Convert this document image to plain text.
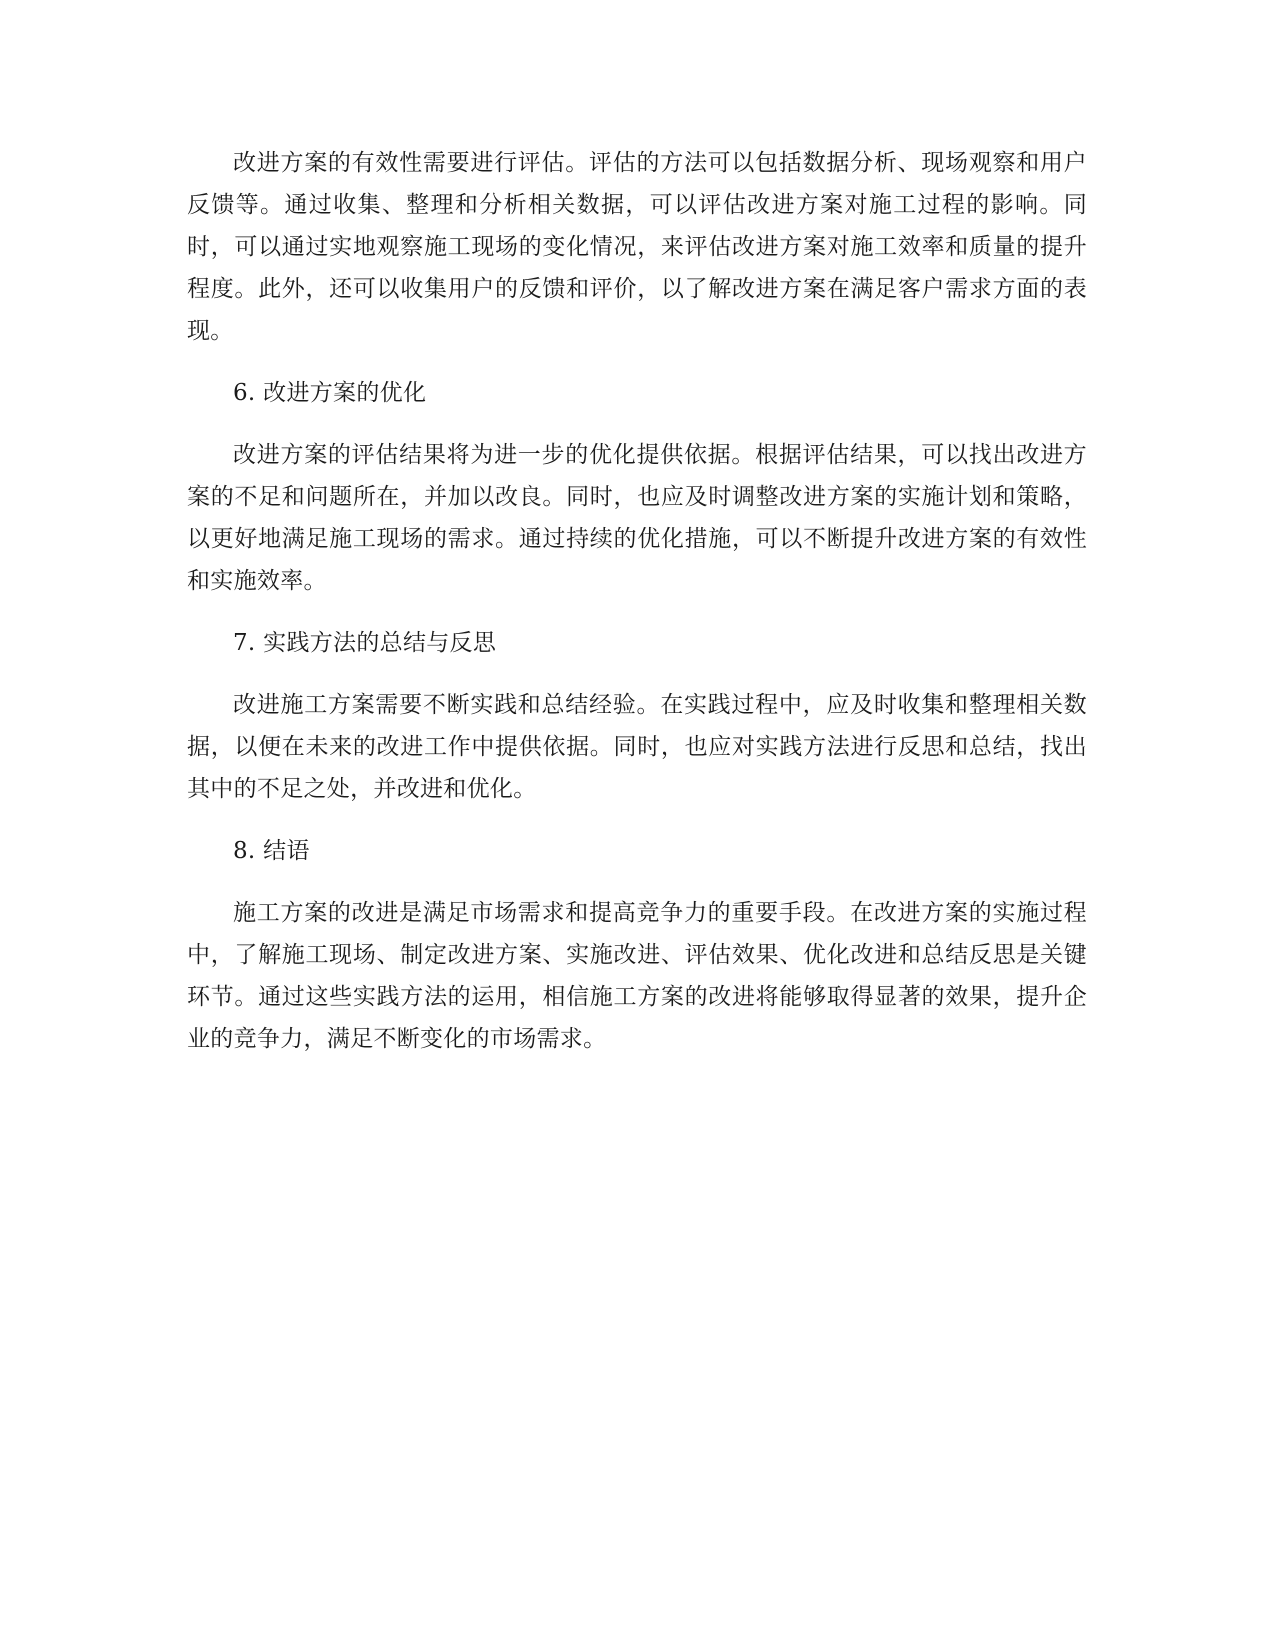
改进方案的有效性需要进行评估。评估的方法可以包括数据分析、现场观察和用户反馈等。通过收集、整理和分析相关数据，可以评估改进方案对施工过程的影响。同时，可以通过实地观察施工现场的变化情况，来评估改进方案对施工效率和质量的提升程度。此外，还可以收集用户的反馈和评价，以了解改进方案在满足客户需求方面的表现。

6. 改进方案的优化

改进方案的评估结果将为进一步的优化提供依据。根据评估结果，可以找出改进方案的不足和问题所在，并加以改良。同时，也应及时调整改进方案的实施计划和策略，以更好地满足施工现场的需求。通过持续的优化措施，可以不断提升改进方案的有效性和实施效率。

7. 实践方法的总结与反思

改进施工方案需要不断实践和总结经验。在实践过程中，应及时收集和整理相关数据，以便在未来的改进工作中提供依据。同时，也应对实践方法进行反思和总结，找出其中的不足之处，并改进和优化。

8. 结语

施工方案的改进是满足市场需求和提高竞争力的重要手段。在改进方案的实施过程中，了解施工现场、制定改进方案、实施改进、评估效果、优化改进和总结反思是关键环节。通过这些实践方法的运用，相信施工方案的改进将能够取得显著的效果，提升企业的竞争力，满足不断变化的市场需求。
